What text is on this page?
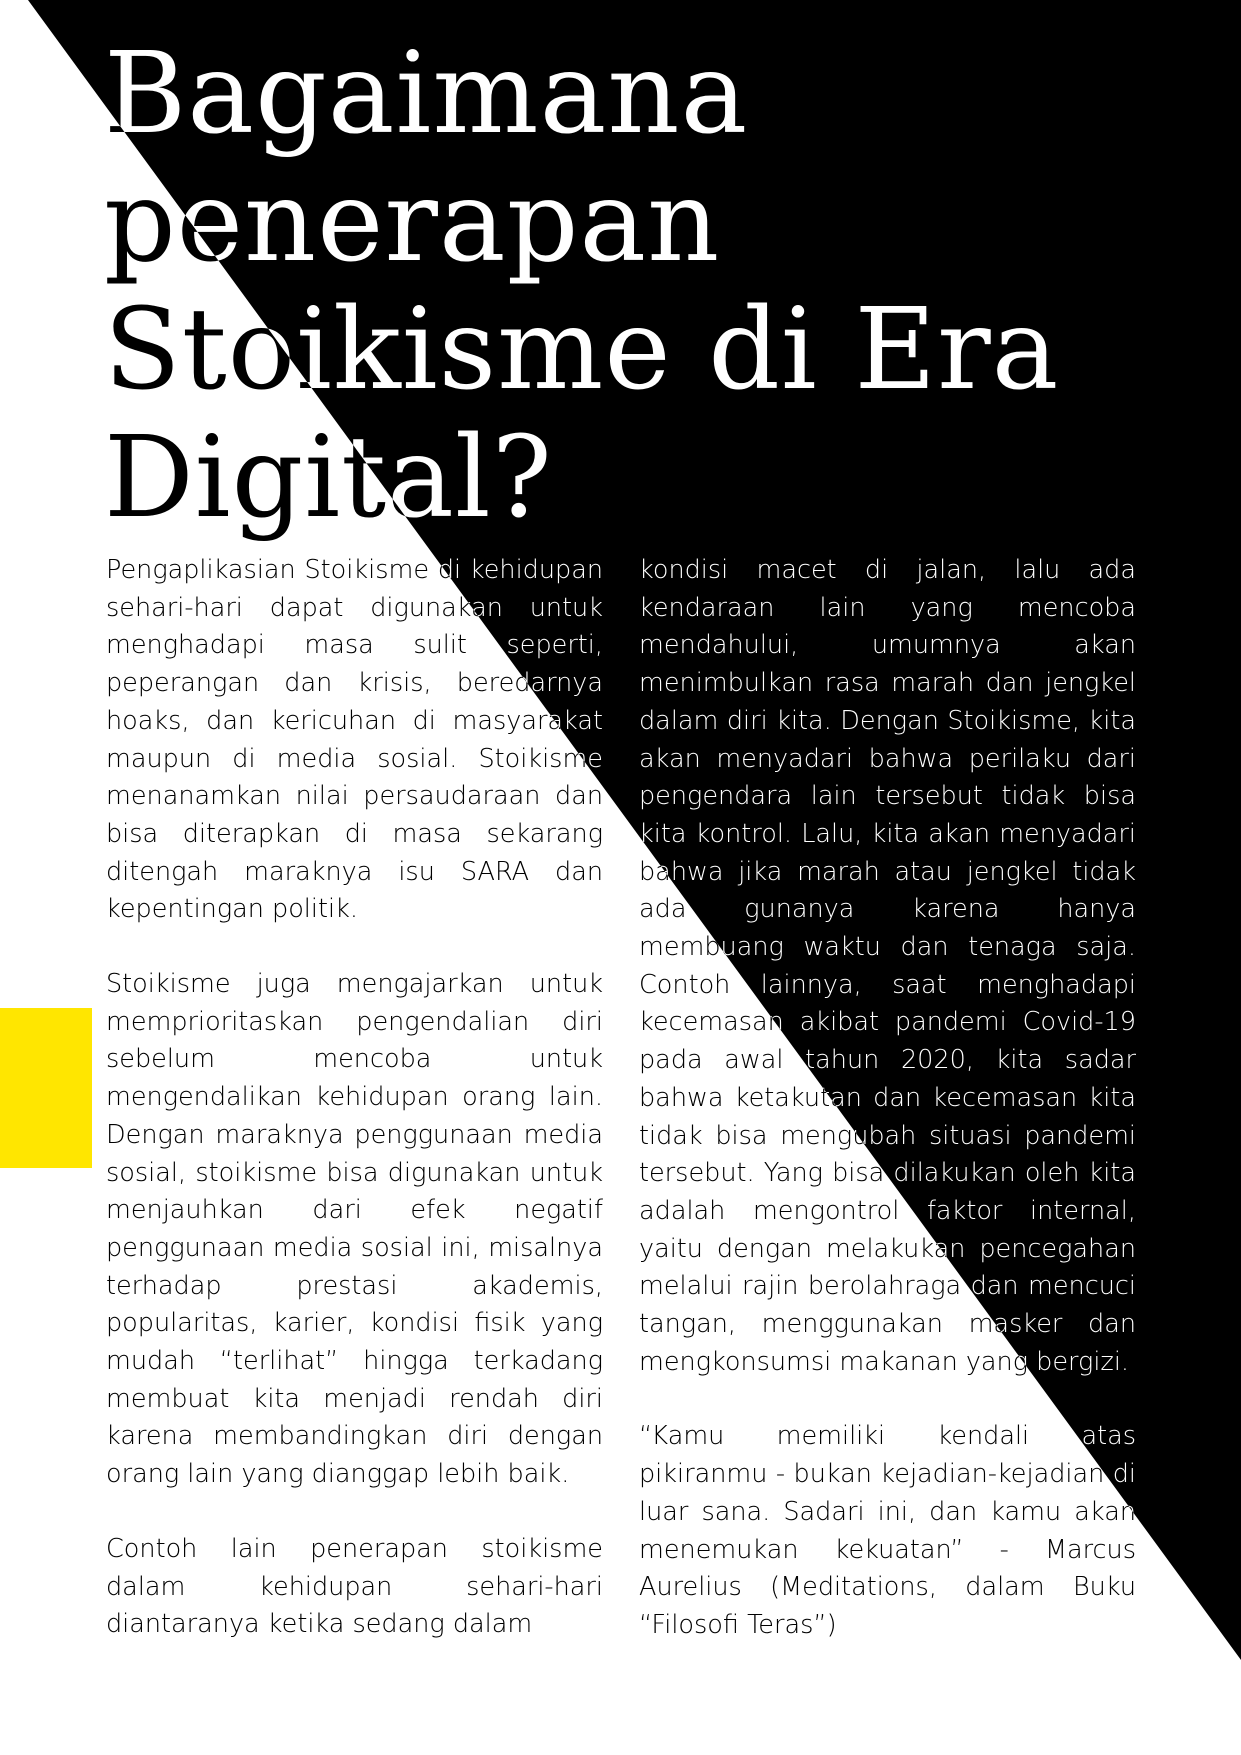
Bagaimana penerapan Stoikisme di Era Digital?

Pengaplikasian Stoikisme di kehidupan sehari-hari dapat digunakan untuk menghadapi masa sulit seperti, peperangan dan krisis, beredarnya hoaks, dan kericuhan di masyarakat maupun di media sosial. Stoikisme menanamkan nilai persaudaraan dan bisa diterapkan di masa sekarang ditengah maraknya isu SARA dan kepentingan politik.

Stoikisme juga mengajarkan untuk memprioritaskan pengendalian diri sebelum mencoba untuk mengendalikan kehidupan orang lain. Dengan maraknya penggunaan media sosial, stoikisme bisa digunakan untuk menjauhkan dari efek negatif penggunaan media sosial ini, misalnya terhadap prestasi akademis, popularitas, karier, kondisi fisik yang mudah “terlihat” hingga terkadang membuat kita menjadi rendah diri karena membandingkan diri dengan orang lain yang dianggap lebih baik.

Contoh lain penerapan stoikisme dalam kehidupan sehari-hari diantaranya ketika sedang dalam

kondisi macet di jalan, lalu ada kendaraan lain yang mencoba mendahului, umumnya akan menimbulkan rasa marah dan jengkel dalam diri kita. Dengan Stoikisme, kita akan menyadari bahwa perilaku dari pengendara lain tersebut tidak bisa kita kontrol. Lalu, kita akan menyadari bahwa jika marah atau jengkel tidak ada gunanya karena hanya membuang waktu dan tenaga saja. Contoh lainnya, saat menghadapi kecemasan akibat pandemi Covid-19 pada awal tahun 2020, kita sadar bahwa ketakutan dan kecemasan kita tidak bisa mengubah situasi pandemi tersebut. Yang bisa dilakukan oleh kita adalah mengontrol faktor internal, yaitu dengan melakukan pencegahan melalui rajin berolahraga dan mencuci tangan, menggunakan masker dan mengkonsumsi makanan yang bergizi.

“Kamu memiliki kendali atas pikiranmu - bukan kejadian-kejadian di luar sana. Sadari ini, dan kamu akan menemukan kekuatan” - Marcus Aurelius (Meditations, dalam Buku “Filosofi Teras”)
